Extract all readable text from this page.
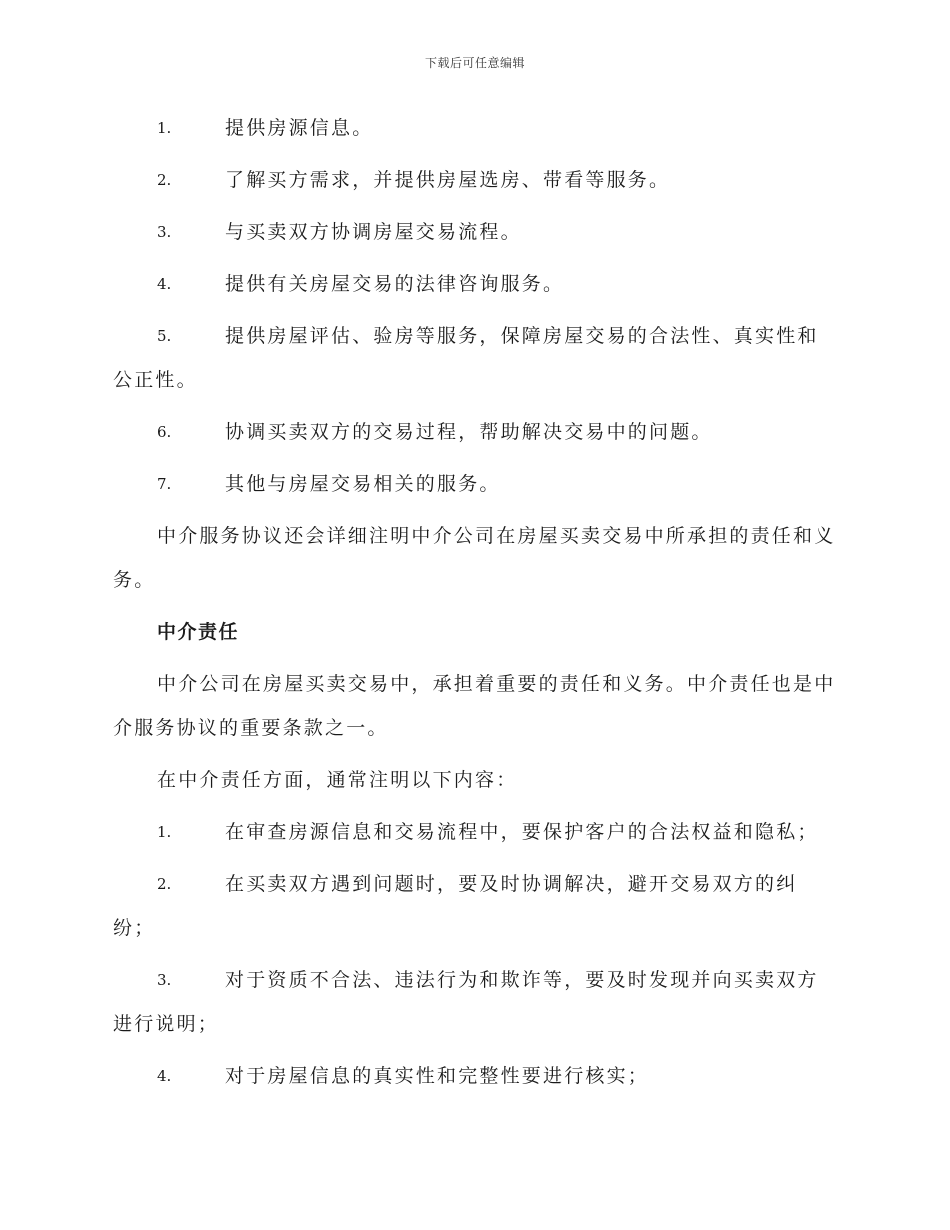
下载后可任意编辑
1.	提供房源信息。
2.	了解买方需求，并提供房屋选房、带看等服务。
3.	与买卖双方协调房屋交易流程。
4.	提供有关房屋交易的法律咨询服务。
5.	提供房屋评估、验房等服务，保障房屋交易的合法性、真实性和公正性。
6.	协调买卖双方的交易过程，帮助解决交易中的问题。
7.	其他与房屋交易相关的服务。
中介服务协议还会详细注明中介公司在房屋买卖交易中所承担的责任和义务。
中介责任
中介公司在房屋买卖交易中，承担着重要的责任和义务。中介责任也是中介服务协议的重要条款之一。
在中介责任方面，通常注明以下内容：
1.	在审查房源信息和交易流程中，要保护客户的合法权益和隐私；
2.	在买卖双方遇到问题时，要及时协调解决，避开交易双方的纠纷；
3.	对于资质不合法、违法行为和欺诈等，要及时发现并向买卖双方进行说明；
4.	对于房屋信息的真实性和完整性要进行核实；
